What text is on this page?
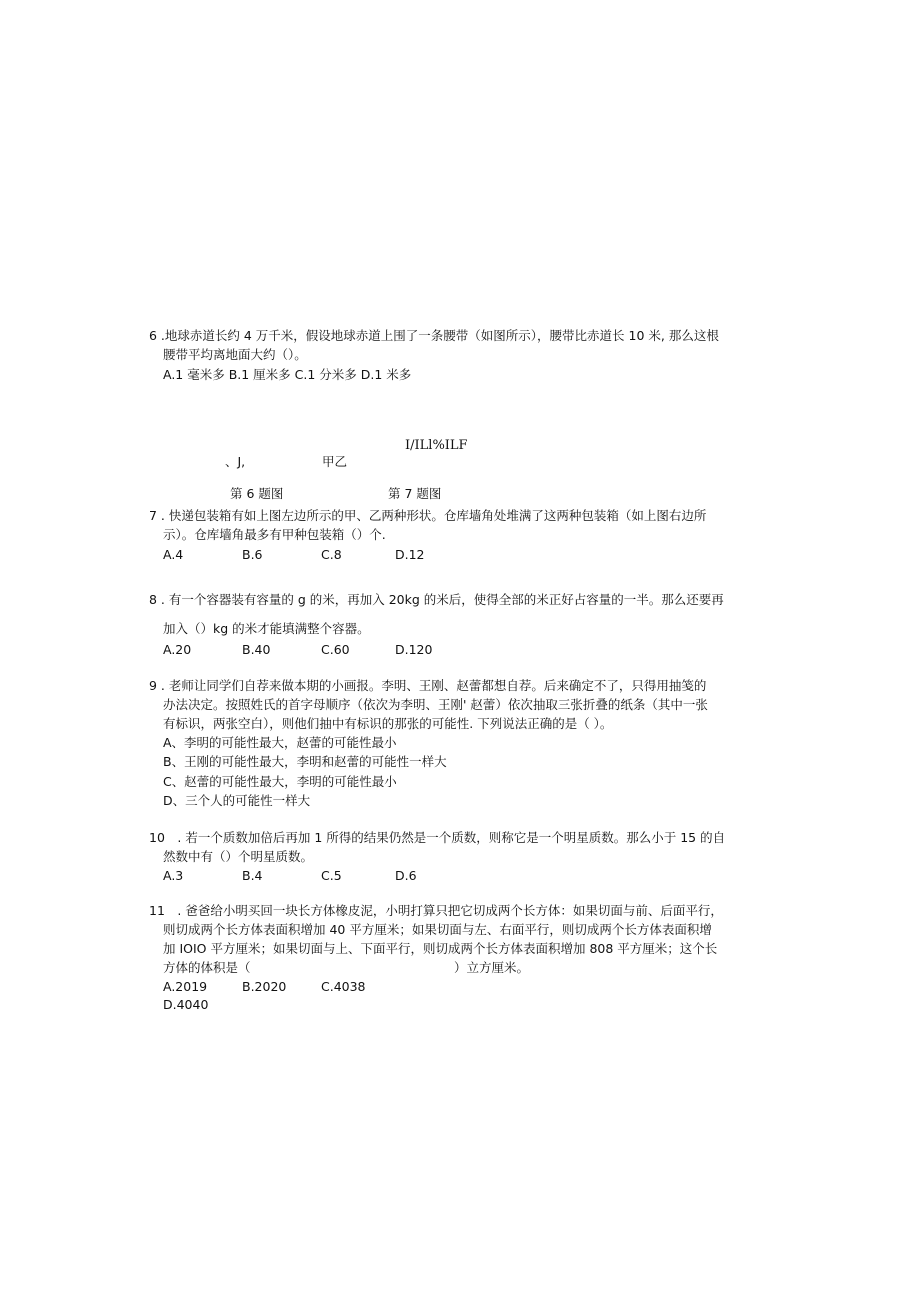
6 .地球赤道长约 4 万千米，假设地球赤道上围了一条腰带（如图所示），腰带比赤道长 10 米, 那么这根
腰带平均离地面大约（）。
A.1 毫米多 B.1 厘米多 C.1 分米多 D.1 米多
I/ILl%ILF
、J,	甲乙
第 6 题图	第 7 题图
7 . 快递包装箱有如上图左边所示的甲、乙两种形状。仓库墙角处堆满了这两种包装箱（如上图右边所
示）。仓库墙角最多有甲种包装箱（）个.
A.4	B.6	C.8	D.12
8 . 有一个容器装有容量的 g 的米，再加入 20kg 的米后，使得全部的米正好占容量的一半。那么还要再
加入（）kg 的米才能填满整个容器。
A.20	B.40	C.60	D.120
9 . 老师让同学们自荐来做本期的小画报。李明、王刚、赵蕾都想自荐。后来确定不了，只得用抽笺的
办法决定。按照姓氏的首字母顺序（依次为李明、王刚' 赵蕾）依次抽取三张折叠的纸条（其中一张
有标识，两张空白），则他们抽中有标识的那张的可能性. 下列说法正确的是（ ）。
A、李明的可能性最大，赵蕾的可能性最小
B、王刚的可能性最大，李明和赵蕾的可能性一样大
C、赵蕾的可能性最大，李明的可能性最小
D、三个人的可能性一样大
10　. 若一个质数加倍后再加 1 所得的结果仍然是一个质数，则称它是一个明星质数。那么小于 15 的自
然数中有（）个明星质数。
A.3	B.4	C.5	D.6
11　. 爸爸给小明买回一块长方体橡皮泥，小明打算只把它切成两个长方体：如果切面与前、后面平行，
则切成两个长方体表面积增加 40 平方厘米；如果切面与左、右面平行，则切成两个长方体表面积增
加 IOIO 平方厘米；如果切面与上、下面平行，则切成两个长方体表面积增加 808 平方厘米；这个长
方体的体积是（	）立方厘米。
A.2019	B.2020	C.4038
D.4040
